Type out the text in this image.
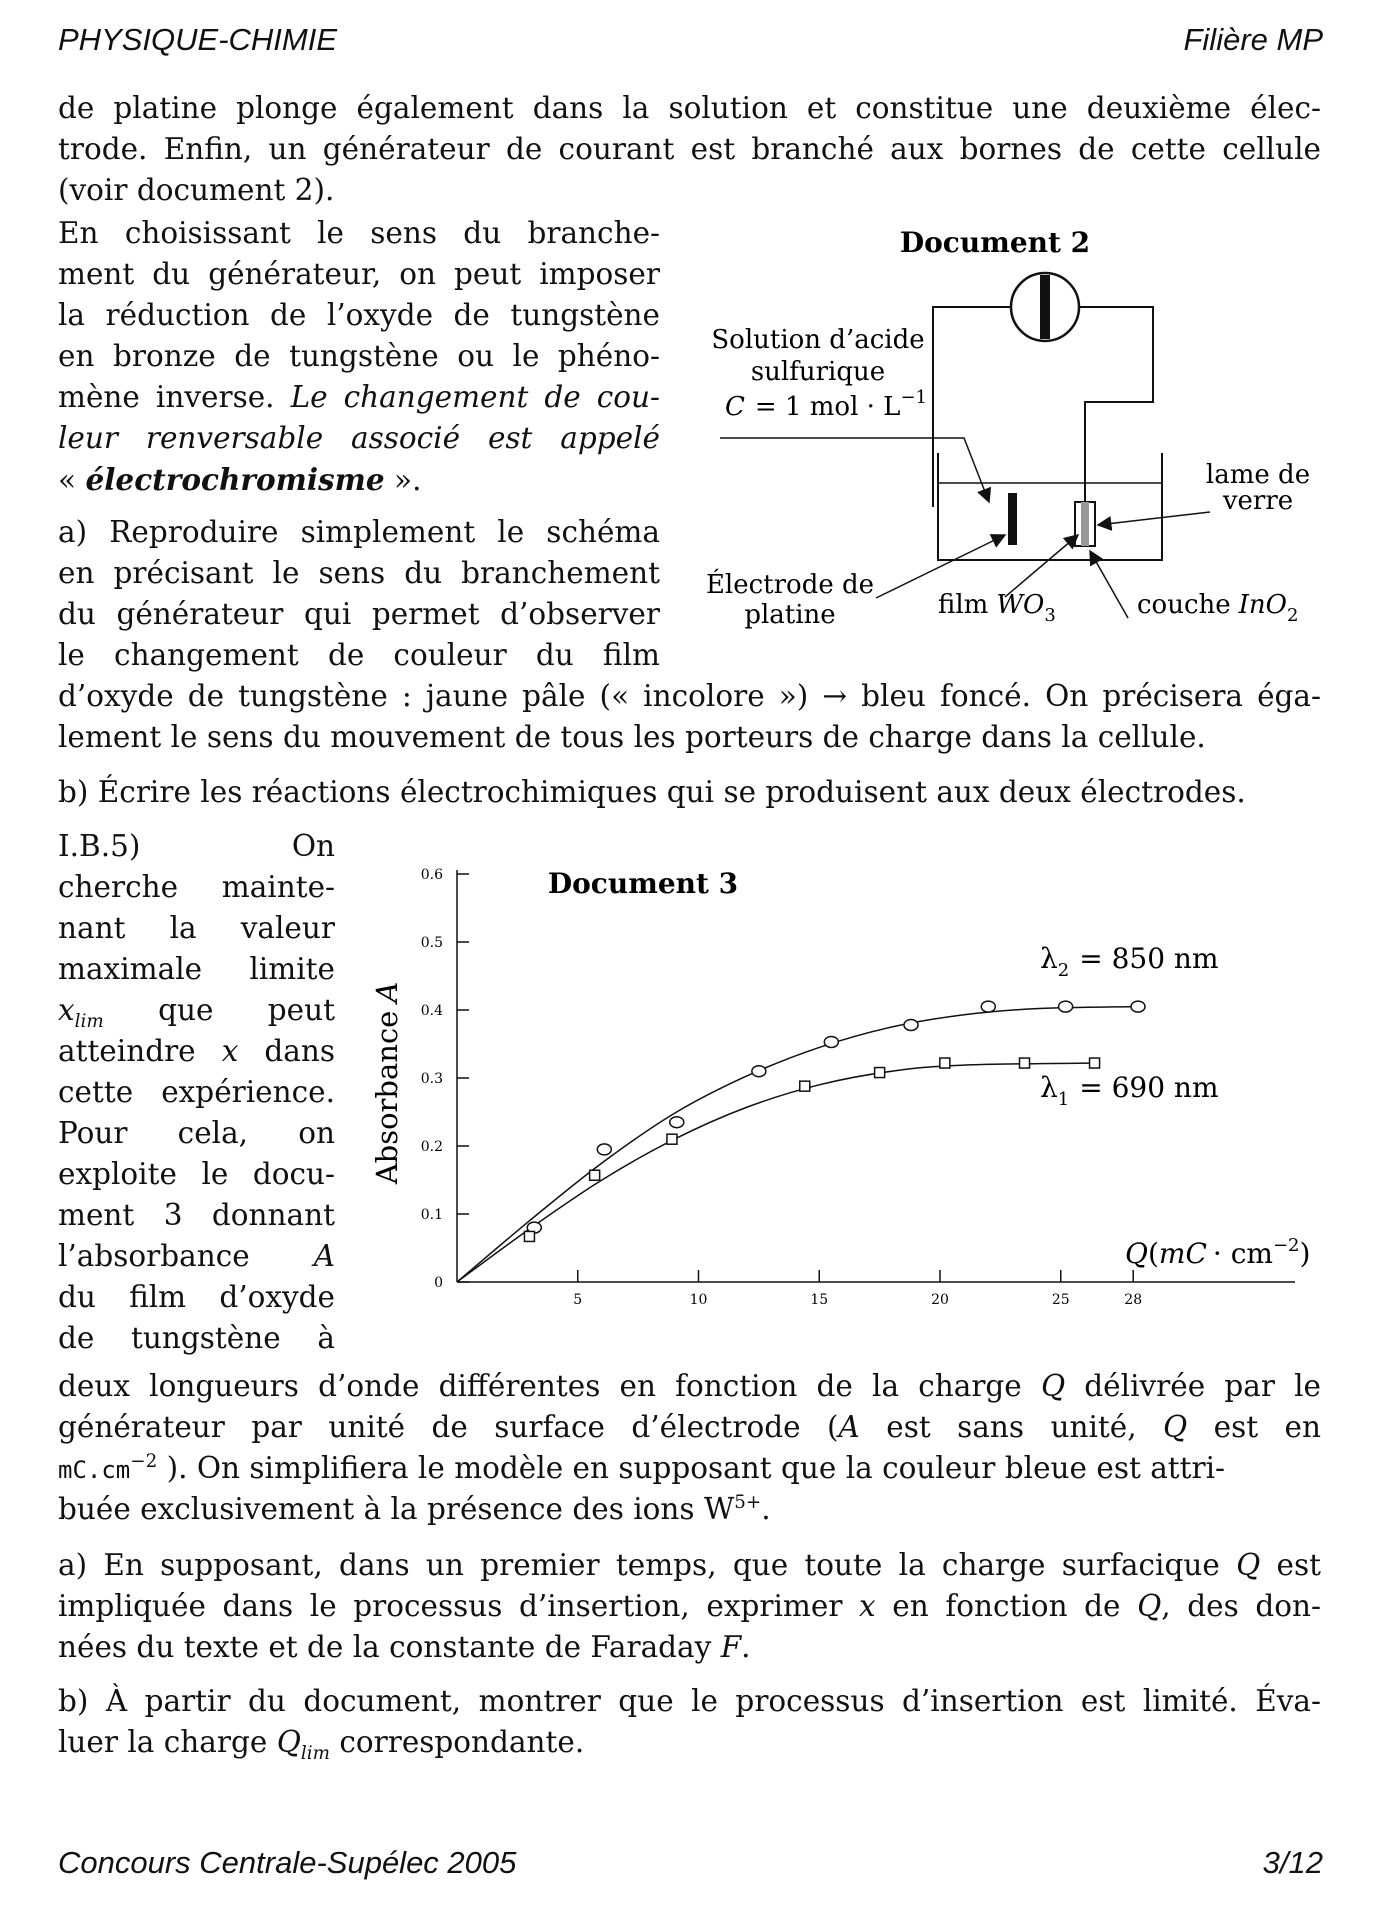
PHYSIQUE-CHIMIE	Filière MP
de platine plonge également dans la solution et constitue une deuxième élec-
trode. Enfin, un générateur de courant est branché aux bornes de cette cellule
(voir document 2).
En choisissant le sens du branche-
ment du générateur, on peut imposer
la réduction de l’oxyde de tungstène
en bronze de tungstène ou le phéno-
mène inverse. Le changement de cou-
leur renversable associé est appelé
« électrochromisme ».
a) Reproduire simplement le schéma
en précisant le sens du branchement
du générateur qui permet d’observer
le changement de couleur du film
d’oxyde de tungstène : jaune pâle (« incolore ») → bleu foncé. On précisera éga-
lement le sens du mouvement de tous les porteurs de charge dans la cellule.
b) Écrire les réactions électrochimiques qui se produisent aux deux électrodes.
Document 2
Solution d’acide
sulfurique
C = 1 mol · $L^{-1}$
lame de
verre
Électrode de
platine	film $WO_3$	couche InO$_2$
I.B.5)	On
cherche mainte-
nant la valeur
maximale limite
$x_{lim}$ que peut
atteindre x dans
cette expérience.
Pour cela, on
exploite le docu-
ment 3 donnant
l’absorbance A
du film d’oxyde
de tungstène à
deux longueurs d’onde différentes en fonction de la charge Q délivrée par le
générateur par unité de surface d’électrode (A est sans unité, Q est en
$mC.cm^{-2}$ ). On simplifiera le modèle en supposant que la couleur bleue est attri-
buée exclusivement à la présence des ions $W^{5+}$.
Document 3
0
0.1
0.2
0.3
0.4
0.5
0.6
5	10	15	20	25	28
AbsorbanceA
$Q(mC \cdot cm^{-2})$
$\lambda_2 = 850$ nm
$\lambda_1 = 690$ nm
a) En supposant, dans un premier temps, que toute la charge surfacique Q est
impliquée dans le processus d’insertion, exprimer x en fonction de Q, des don-
nées du texte et de la constante de Faraday F.
b) À partir du document, montrer que le processus d’insertion est limité. Éva-
luer la charge $Q_{lim}$ correspondante.
Concours Centrale-Supélec 2005	3/12
